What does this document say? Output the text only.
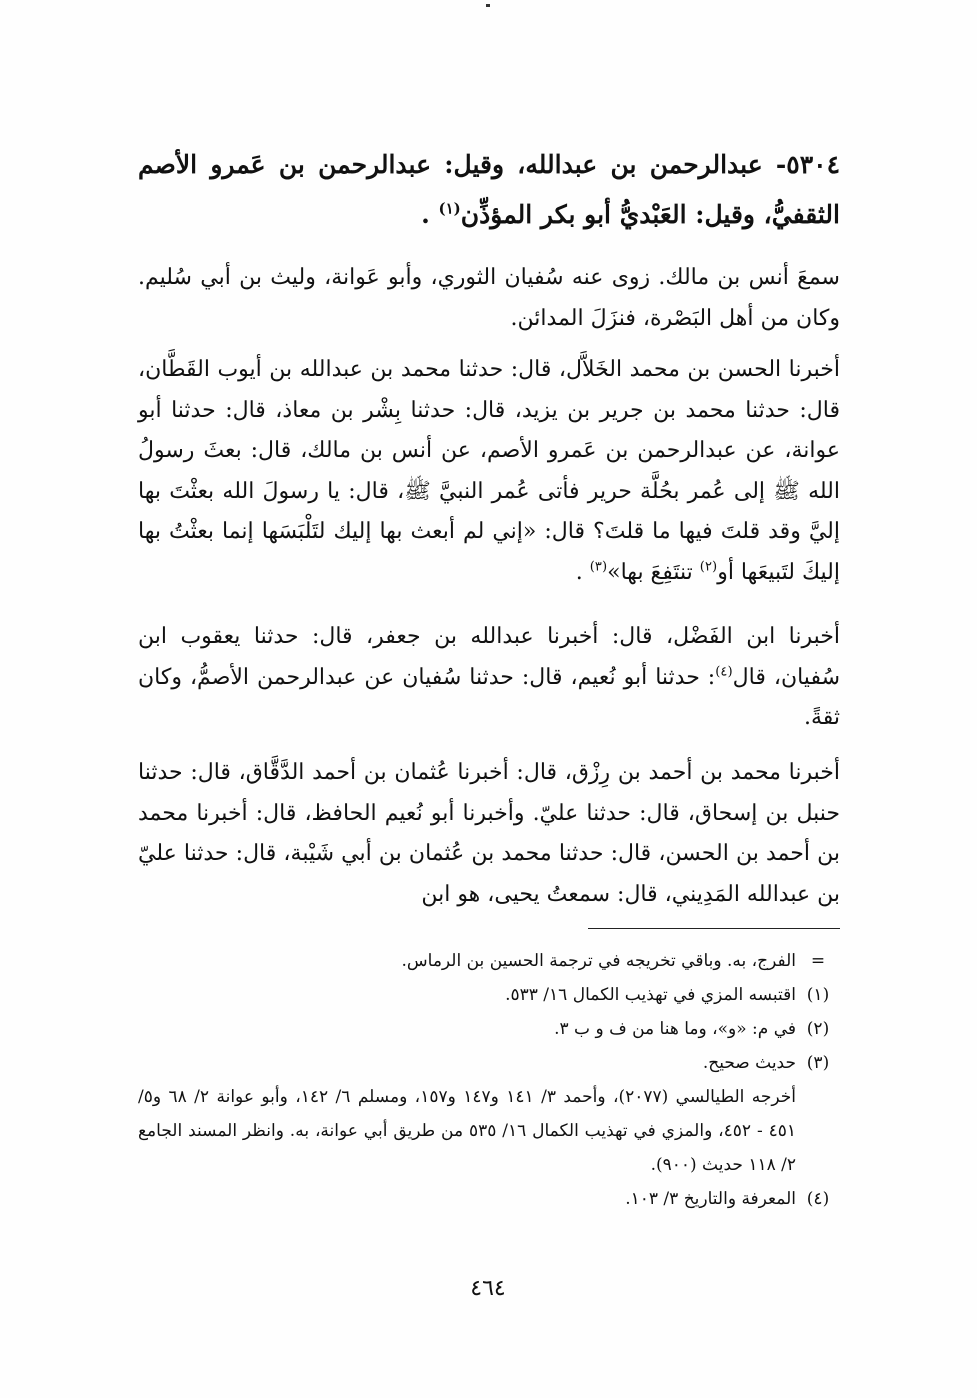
٥٣٠٤- عبدالرحمن بن عبدالله، وقيل: عبدالرحمن بن عَمرو الأصم الثقفيُّ، وقيل: العَبْديُّ أبو بكر المؤذِّن$^{(١)}$ .
سمعَ أنس بن مالك. زوى عنه سُفيان الثوري، وأبو عَوانة، وليث بن أبي سُليم. وكان من أهل البَصْرة، فنزَلَ المدائن.
أخبرنا الحسن بن محمد الخَلاَّل، قال: حدثنا محمد بن عبدالله بن أيوب القَطَّان، قال: حدثنا محمد بن جرير بن يزيد، قال: حدثنا بِشْر بن معاذ، قال: حدثنا أبو عوانة، عن عبدالرحمن بن عَمرو الأصم، عن أنس بن مالك، قال: بعثَ رسولُ الله ﷺ إلى عُمر بحُلَّة حرير فأتى عُمر النبيَّ ﷺ، قال: يا رسولَ الله بعثْتَ بها إليَّ وقد قلتَ فيها ما قلتَ؟ قال: «إني لم أبعث بها إليك لتَلْبَسَها إنما بعثْتُ بها إليكَ لتَبيعَها أو$^{(٢)}$ تنتَفِعَ بها»$^{(٣)}$ .
أخبرنا ابن الفَضْل، قال: أخبرنا عبدالله بن جعفر، قال: حدثنا يعقوب ابن سُفيان، قال$^{(٤)}$: حدثنا أبو نُعيم، قال: حدثنا سُفيان عن عبدالرحمن الأصمُّ، وكان ثقةً.
أخبرنا محمد بن أحمد بن رِزْق، قال: أخبرنا عُثمان بن أحمد الدَّقَّاق، قال: حدثنا حنبل بن إسحاق، قال: حدثنا عليّ. وأخبرنا أبو نُعيم الحافظ، قال: أخبرنا محمد بن أحمد بن الحسن، قال: حدثنا محمد بن عُثمان بن أبي شَيْبة، قال: حدثنا عليّ بن عبدالله المَدِيني، قال: سمعتُ يحيى، هو ابن
=
الفرج، به. وباقي تخريجه في ترجمة الحسين بن الرماس.
(١)
اقتبسه المزي في تهذيب الكمال ١٦/ ٥٣٣.
(٢)
في م: «و»، وما هنا من ف و ب ٣.
(٣)
حديث صحيح.
أخرجه الطيالسي (٢٠٧٧)، وأحمد ٣/ ١٤١ و١٤٧ و١٥٧، ومسلم ٦/ ١٤٢، وأبو عوانة ٢/ ٦٨ و٥/ ٤٥١ - ٤٥٢، والمزي في تهذيب الكمال ١٦/ ٥٣٥ من طريق أبي عوانة، به. وانظر المسند الجامع ٢/ ١١٨ حديث (٩٠٠).
(٤)
المعرفة والتاريخ ٣/ ١٠٣.
٤٦٤
